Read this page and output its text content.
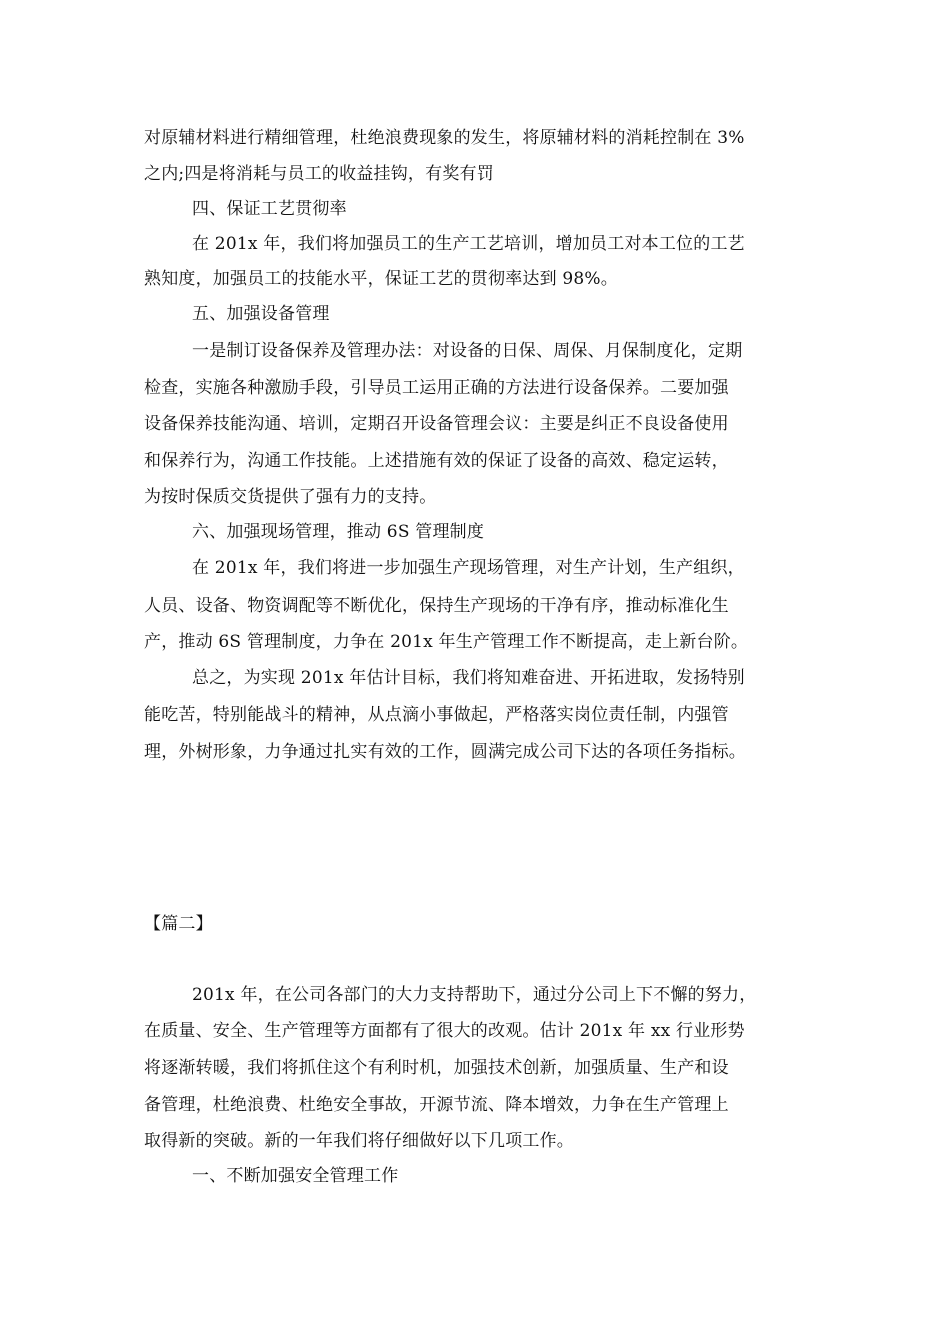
对原辅材料进行精细管理，杜绝浪费现象的发生，将原辅材料的消耗控制在 3%
之内;四是将消耗与员工的收益挂钩，有奖有罚
四、保证工艺贯彻率
在 201x 年，我们将加强员工的生产工艺培训，增加员工对本工位的工艺
熟知度，加强员工的技能水平，保证工艺的贯彻率达到 98%。
五、加强设备管理
一是制订设备保养及管理办法：对设备的日保、周保、月保制度化，定期
检查，实施各种激励手段，引导员工运用正确的方法进行设备保养。二要加强
设备保养技能沟通、培训，定期召开设备管理会议：主要是纠正不良设备使用
和保养行为，沟通工作技能。上述措施有效的保证了设备的高效、稳定运转，
为按时保质交货提供了强有力的支持。
六、加强现场管理，推动 6S 管理制度
在 201x 年，我们将进一步加强生产现场管理，对生产计划，生产组织，
人员、设备、物资调配等不断优化，保持生产现场的干净有序，推动标准化生
产，推动 6S 管理制度，力争在 201x 年生产管理工作不断提高，走上新台阶。
总之，为实现 201x 年估计目标，我们将知难奋进、开拓进取，发扬特别
能吃苦，特别能战斗的精神，从点滴小事做起，严格落实岗位责任制，内强管
理，外树形象，力争通过扎实有效的工作，圆满完成公司下达的各项任务指标。
【篇二】
201x 年，在公司各部门的大力支持帮助下，通过分公司上下不懈的努力，
在质量、安全、生产管理等方面都有了很大的改观。估计 201x 年 xx 行业形势
将逐渐转暖，我们将抓住这个有利时机，加强技术创新，加强质量、生产和设
备管理，杜绝浪费、杜绝安全事故，开源节流、降本增效，力争在生产管理上
取得新的突破。新的一年我们将仔细做好以下几项工作。
一、不断加强安全管理工作
